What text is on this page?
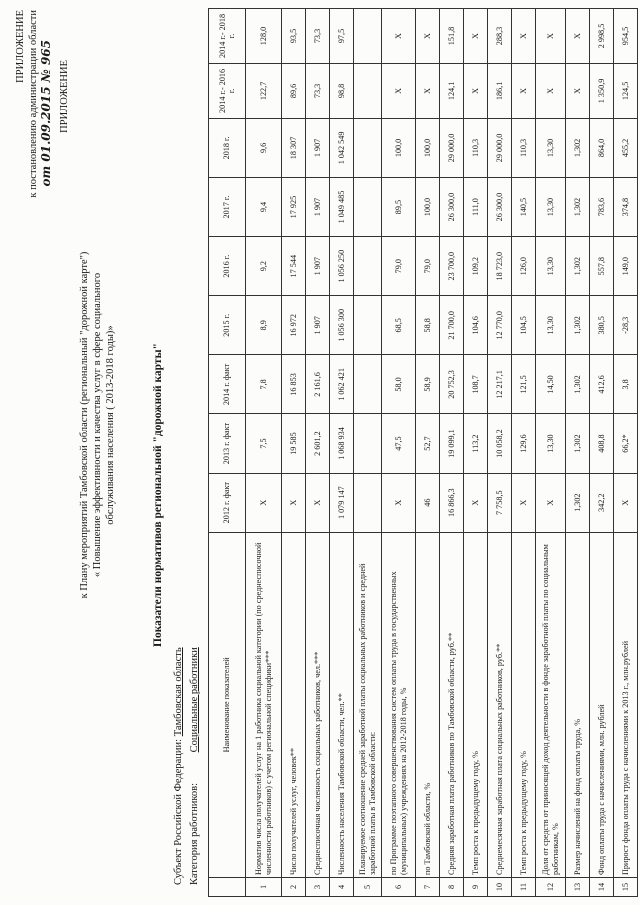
ПРИЛОЖЕНИЕ к постановлению администрации области от 01.09.2015 № 965 ПРИЛОЖЕНИЕ
к Плану мероприятий Тамбовской области (региональный "дорожной карте") « Повышение эффективности и качества услуг в сфере социального обслуживания населения ( 2013-2018 годы)»	Показатели нормативов региональной "дорожной карты"
Субъект Российской Федерации: Тамбовская область
Категория работников: Социальные работники
		Наименование показателей	2012 г. факт	2013 г. факт	2014 г. факт	2015 г.	2016 г.	2017 г.	2018 г.	2014 г.- 2016 г.	2014 г.- 2018 г.
1	Норматив числа получателей услуг на 1 работника социальной категории (по среднесписочной численности работников) с учетом региональной специфики***	Х	7,5	7,8	8,9	9,2	9,4	9,6	122,7	128,0
2	Число получателей услуг, человек**	Х	19 585	16 853	16 972	17 544	17 925	18 307	89,6	93,5
3	Среднесписочная численность социальных работников, чел.***	Х	2 601,2	2 161,6	1 907	1 907	1 907	1 907	73,3	73,3
4	Численность населения Тамбовской области, чел.**	1 079 147	1 068 934	1 062 421	1 056 300	1 056 250	1 049 485	1 042 549	98,8	97,5
5	Планируемое соотношение средней заработной платы социальных работников и средней заработной платы в Тамбовской области:									
6	по Программе поэтапного совершенствования систем оплаты труда в государственных (муниципальных) учреждениях на 2012-2018 годы, %	Х	47,5	58,0	68,5	79,0	89,5	100,0	Х	Х
7	по Тамбовской области, %	46	52,7	58,9	58,8	79,0	100,0	100,0	Х	Х
8	Средняя заработная плата работников по Тамбовской области, руб.**	16 866,3	19 099,1	20 752,3	21 700,0	23 700,0	26 300,0	29 000,0	124,1	151,8
9	Темп роста к предыдущему году, %	Х	113,2	108,7	104,6	109,2	111,0	110,3	Х	Х
10	Среднемесячная заработная плата социальных работников, руб.**	7 758,5	10 058,2	12 217,1	12 770,0	18 723,0	26 300,0	29 000,0	186,1	288,3
11	Темп роста к предыдущему году, %	Х	129,6	121,5	104,5	126,0	140,5	110,3	Х	Х
12	Доля от средств от приносящей доход деятельности в фонде заработной платы по социальным работникам, %	Х	13,30	14,50	13,30	13,30	13,30	13,30	Х	Х
13	Размер начислений на фонд оплаты труда, %	1,302	1,302	1,302	1,302	1,302	1,302	1,302	Х	Х
14	Фонд оплаты труда с начислениями, млн. рублей	342,2	408,8	412,6	380,5	557,8	783,6	864,0	1 350,9	2 998,5
15	Прирост фонда оплаты труда с начислениями к 2013 г., млн.рублей	Х	66,2*	3,8	-28,3	149,0	374,8	455,2	124,5	954,5
